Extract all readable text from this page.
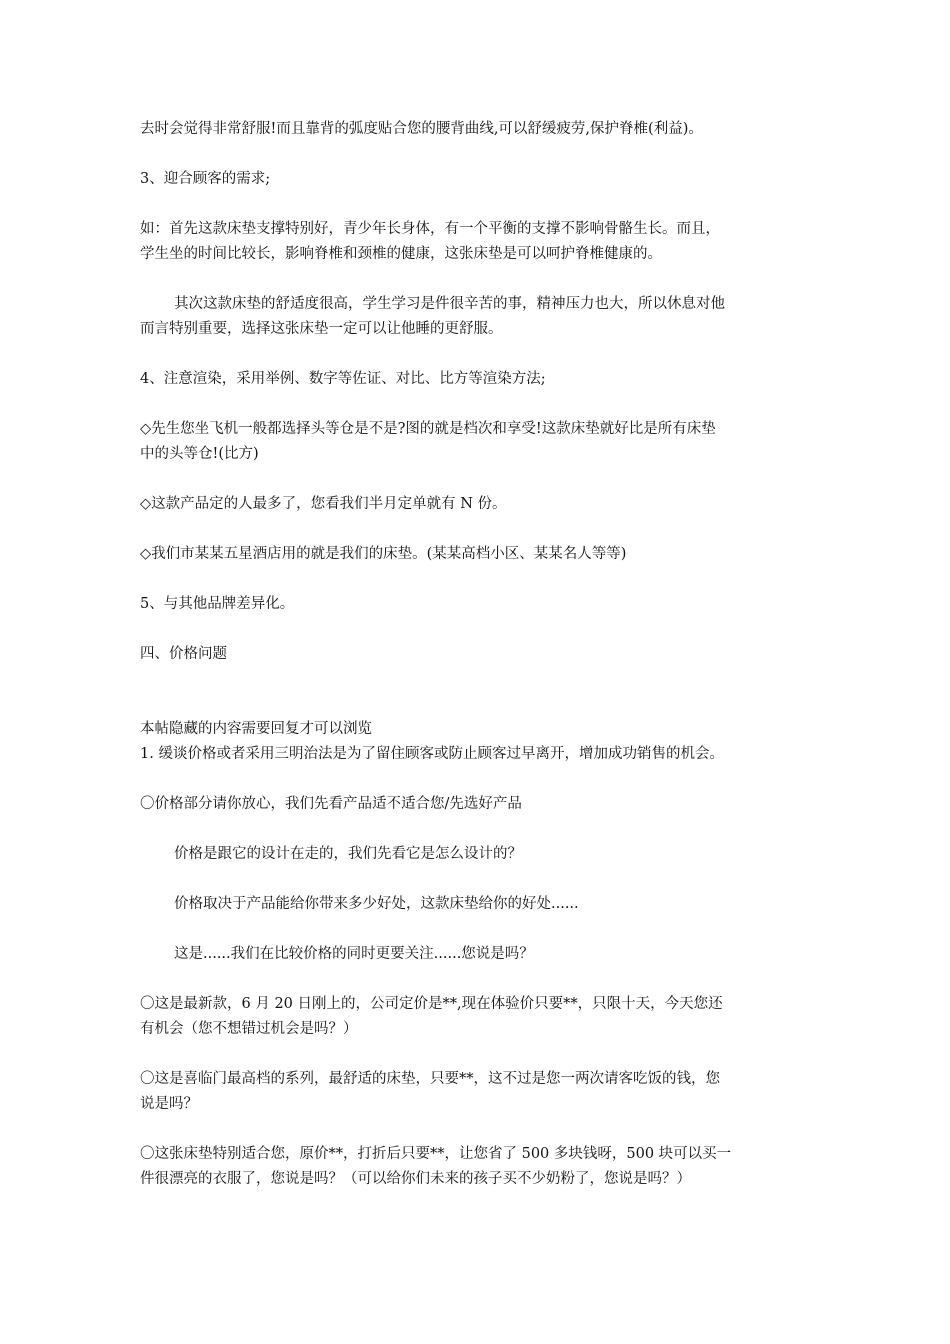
去时会觉得非常舒服!而且靠背的弧度贴合您的腰背曲线,可以舒缓疲劳,保护脊椎(利益)。
3、迎合顾客的需求;
如：首先这款床垫支撑特别好，青少年长身体，有一个平衡的支撑不影响骨骼生长。而且，
学生坐的时间比较长，影响脊椎和颈椎的健康，这张床垫是可以呵护脊椎健康的。
其次这款床垫的舒适度很高，学生学习是件很辛苦的事，精神压力也大，所以休息对他
而言特别重要，选择这张床垫一定可以让他睡的更舒服。
4、注意渲染，采用举例、数字等佐证、对比、比方等渲染方法;
◇先生您坐飞机一般都选择头等仓是不是?图的就是档次和享受!这款床垫就好比是所有床垫
中的头等仓!(比方)
◇这款产品定的人最多了，您看我们半月定单就有 N 份。
◇我们市某某五星酒店用的就是我们的床垫。(某某高档小区、某某名人等等)
5、与其他品牌差异化。
四、价格问题
本帖隐藏的内容需要回复才可以浏览
1. 缓谈价格或者采用三明治法是为了留住顾客或防止顾客过早离开，增加成功销售的机会。
〇价格部分请你放心，我们先看产品适不适合您/先选好产品
价格是跟它的设计在走的，我们先看它是怎么设计的？
价格取决于产品能给你带来多少好处，这款床垫给你的好处......
这是......我们在比较价格的同时更要关注......您说是吗？
〇这是最新款，6 月 20 日刚上的，公司定价是**,现在体验价只要**，只限十天，今天您还
有机会（您不想错过机会是吗？）
〇这是喜临门最高档的系列，最舒适的床垫，只要**，这不过是您一两次请客吃饭的钱，您
说是吗？
〇这张床垫特别适合您，原价**，打折后只要**，让您省了 500 多块钱呀，500 块可以买一
件很漂亮的衣服了，您说是吗？（可以给你们未来的孩子买不少奶粉了，您说是吗？）
